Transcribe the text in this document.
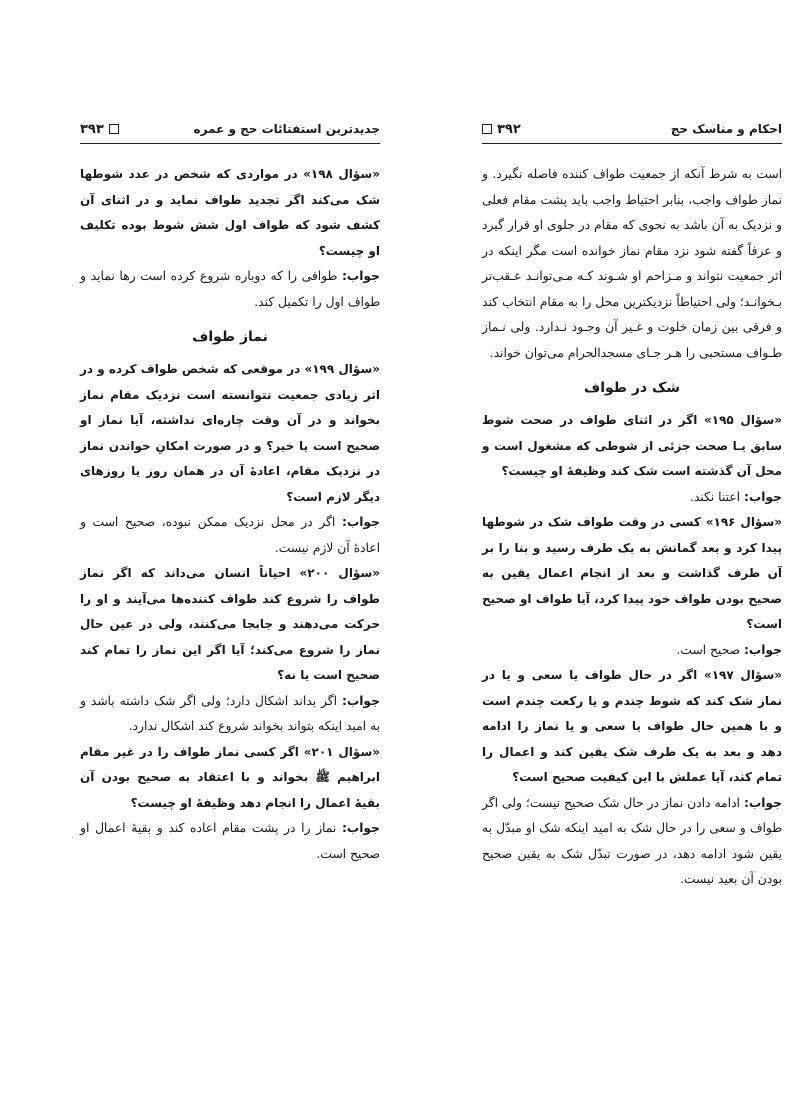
جدیدترین استفتائات حج و عمره
۳۹۳

«سؤال ۱۹۸» در مواردی که شخص در عدد شوطها شک می‌کند اگر تجدید طواف نماید و در اثنای آن کشف شود که طواف اول شش شوط بوده تکلیف او چیست؟

جواب: طوافی را که دوباره شروع کرده است رها نماید و طواف اول را تکمیل کند.

نماز طواف

«سؤال ۱۹۹» در موقعی که شخص طواف کرده و در اثر زیادی جمعیت نتوانسته است نزدیک مقام نماز بخواند و در آن وقت چاره‌ای نداشته، آیا نماز او صحیح است یا خیر؟ و در صورت امکانِ خواندن نماز در نزدیک مقام، اعادهٔ آن در همان روز یا روزهای دیگر لازم است؟

جواب: اگر در محل نزدیک ممکن نبوده، صحیح است و اعادهٔ آن لازم نیست.

«سؤال ۲۰۰» احیاناً انسان می‌داند که اگر نماز طواف را شروع کند طواف کننده‌ها می‌آیند و او را حرکت می‌دهند و جابجا می‌کنند، ولی در عین حال نماز را شروع می‌کند؛ آیا اگر این نماز را تمام کند صحیح است یا نه؟

جواب: اگر بداند اشکال دارد؛ ولی اگر شک داشته باشد و به امید اینکه بتواند بخواند شروع کند اشکال ندارد.

«سؤال ۲۰۱» اگر کسی نماز طواف را در غیر مقام ابراهیم ﷺ بخواند و با اعتقاد به صحیح بودن آن بقیهٔ اعمال را انجام دهد وظیفهٔ او چیست؟

جواب: نماز را در پشت مقام اعاده کند و بقیهٔ اعمال او صحیح است.

احکام و مناسک حج
۳۹۲

است به شرط آنکه از جمعیت طواف کننده فاصله نگیرد. و نماز طواف واجب، بنابر احتیاط واجب باید پشت مقام فعلی و نزدیک به آن باشد به نحوی که مقام در جلوی او قرار گیرد و عرفاً گفته شود نزد مقام نماز خوانده است مگر اینکه در اثر جمعیت نتواند و مـزاحم او شـوند کـه مـی‌توانـد عـقب‌تر بـخوانـد؛ ولی احتیاطاً نزدیکترین محل را به مقام انتخاب کند و فرقی بین زمان خلوت و غـیر آن وجـود نـدارد. ولی نـماز طـواف مستحبی را هـر جـای مسجدالحرام می‌توان خواند.

شک در طواف

«سؤال ۱۹۵» اگر در اثنای طواف در صحت شوط سابق یـا صحت جزئی از شوطی که مشغول است و محل آن گذشته است شک کند وظیفهٔ او چیست؟

جواب: اعتنا نکند.

«سؤال ۱۹۶» کسی در وقت طواف شک در شوطها پیدا کرد و بعد گمانش به یک طرف رسید و بنا را بر آن طرف گذاشت و بعد از انجام اعمال یقین به صحیح بودن طواف خود پیدا کرد، آیا طواف او صحیح است؟

جواب: صحیح است.

«سؤال ۱۹۷» اگر در حال طواف یا سعی و یا در نماز شک کند که شوط چندم و یا رکعت چندم است و با همین حال طواف یا سعی و یا نماز را ادامه دهد و بعد به یک طرف شک یقین کند و اعمال را تمام کند، آیا عملش با این کیفیت صحیح است؟

جواب: ادامه دادن نماز در حال شک صحیح نیست؛ ولی اگر طواف و سعی را در حال شک به امید اینکه شک او مبدّل به یقین شود ادامه دهد، در صورت تبدّل شک به یقین صحیح بودن آن بعید نیست.
